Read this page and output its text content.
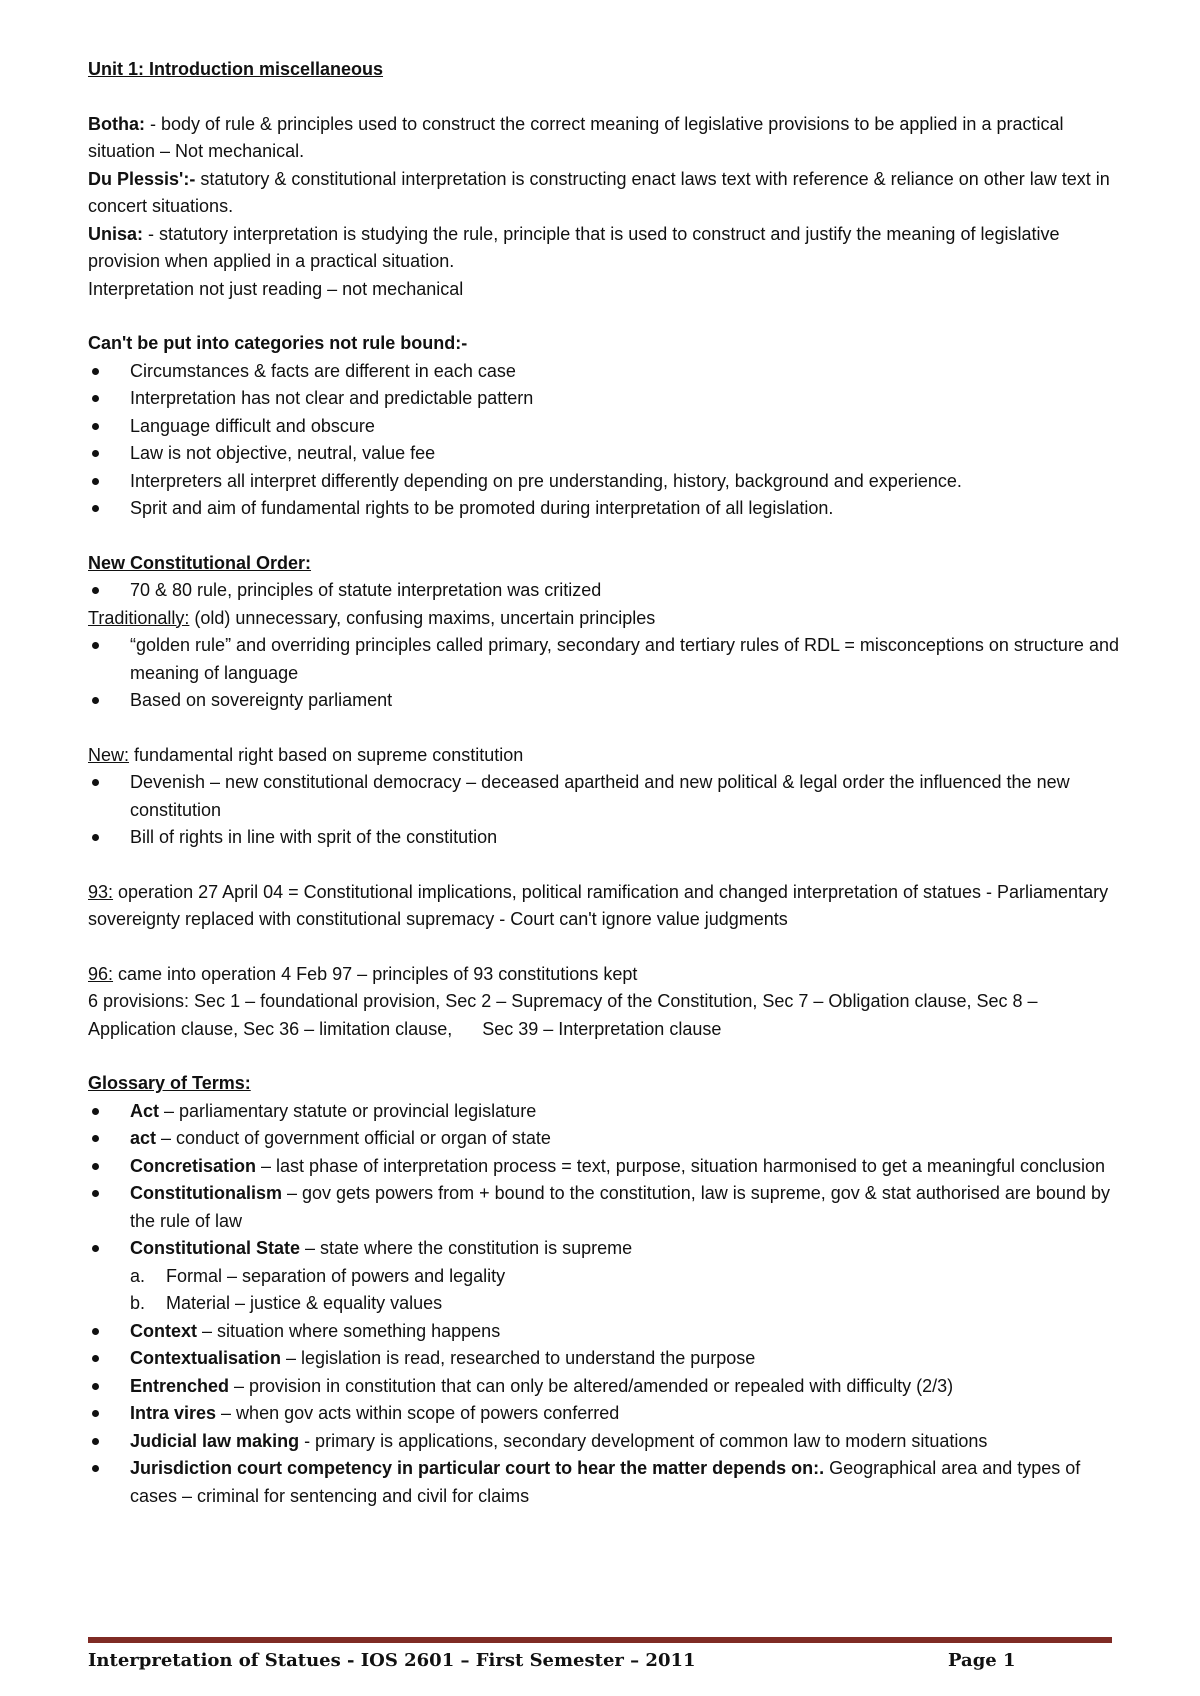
Unit 1: Introduction miscellaneous

Botha: - body of rule & principles used to construct the correct meaning of legislative provisions to be applied in a practical situation – Not mechanical.

Du Plessis':- statutory & constitutional interpretation is constructing enact laws text with reference & reliance on other law text in concert situations.

Unisa: - statutory interpretation is studying the rule, principle that is used to construct and justify the meaning of legislative provision when applied in a practical situation.

Interpretation not just reading – not mechanical

Can't be put into categories not rule bound:-

Circumstances & facts are different in each case
Interpretation has not clear and predictable pattern
Language difficult and obscure
Law is not objective, neutral, value fee
Interpreters all interpret differently depending on pre understanding, history, background and experience.
Sprit and aim of fundamental rights to be promoted during interpretation of all legislation.

New Constitutional Order:

70 & 80 rule, principles of statute interpretation was critized

Traditionally: (old) unnecessary, confusing maxims, uncertain principles

“golden rule” and overriding principles called primary, secondary and tertiary rules of RDL = misconceptions on structure and meaning of language
Based on sovereignty parliament

New: fundamental right based on supreme constitution

Devenish – new constitutional democracy – deceased apartheid and new political & legal order the influenced the new constitution
Bill of rights in line with sprit of the constitution

93: operation 27 April 04 = Constitutional implications, political ramification and changed interpretation of statues - Parliamentary sovereignty replaced with constitutional supremacy - Court can't ignore value judgments

96: came into operation 4 Feb 97 – principles of 93 constitutions kept

6 provisions: Sec 1 – foundational provision, Sec 2 – Supremacy of the Constitution, Sec 7 – Obligation clause, Sec 8 – Application clause, Sec 36 – limitation clause, Sec 39 – Interpretation clause

Glossary of Terms:

Act – parliamentary statute or provincial legislature
act – conduct of government official or organ of state
Concretisation – last phase of interpretation process = text, purpose, situation harmonised to get a meaningful conclusion
Constitutionalism – gov gets powers from + bound to the constitution, law is supreme, gov & stat authorised are bound by the rule of law
Constitutional State – state where the constitution is supreme
a. Formal – separation of powers and legality
b. Material – justice & equality values
Context – situation where something happens
Contextualisation – legislation is read, researched to understand the purpose
Entrenched – provision in constitution that can only be altered/amended or repealed with difficulty (2/3)
Intra vires – when gov acts within scope of powers conferred
Judicial law making - primary is applications, secondary development of common law to modern situations
Jurisdiction court competency in particular court to hear the matter depends on:. Geographical area and types of cases – criminal for sentencing and civil for claims
Interpretation of Statues - IOS 2601 – First Semester – 2011	Page 1
